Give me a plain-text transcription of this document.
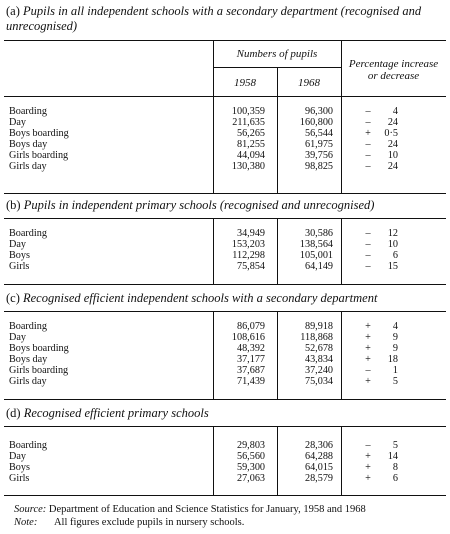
(a) Pupils in all independent schools with a secondary department (recognised and unrecognised)
Numbers of pupils
1958	1968
Percentage increase
or decrease
Boarding	100,359	96,300	–	4
Day	211,635	160,800	–	24
Boys boarding	56,265	56,544	+	0·5
Boys day	81,255	61,975	–	24
Girls boarding	44,094	39,756	–	10
Girls day	130,380	98,825	–	24
(b) Pupils in independent primary schools (recognised and unrecognised)
Boarding	34,949	30,586	–	12
Day	153,203	138,564	–	10
Boys	112,298	105,001	–	6
Girls	75,854	64,149	–	15
(c) Recognised efficient independent schools with a secondary department
Boarding	86,079	89,918	+	4
Day	108,616	118,868	+	9
Boys boarding	48,392	52,678	+	9
Boys day	37,177	43,834	+	18
Girls boarding	37,687	37,240	–	1
Girls day	71,439	75,034	+	5
(d) Recognised efficient primary schools
Boarding	29,803	28,306	–	5
Day	56,560	64,288	+	14
Boys	59,300	64,015	+	8
Girls	27,063	28,579	+	6
Source: Department of Education and Science Statistics for January, 1958 and 1968
Note: All figures exclude pupils in nursery schools.
